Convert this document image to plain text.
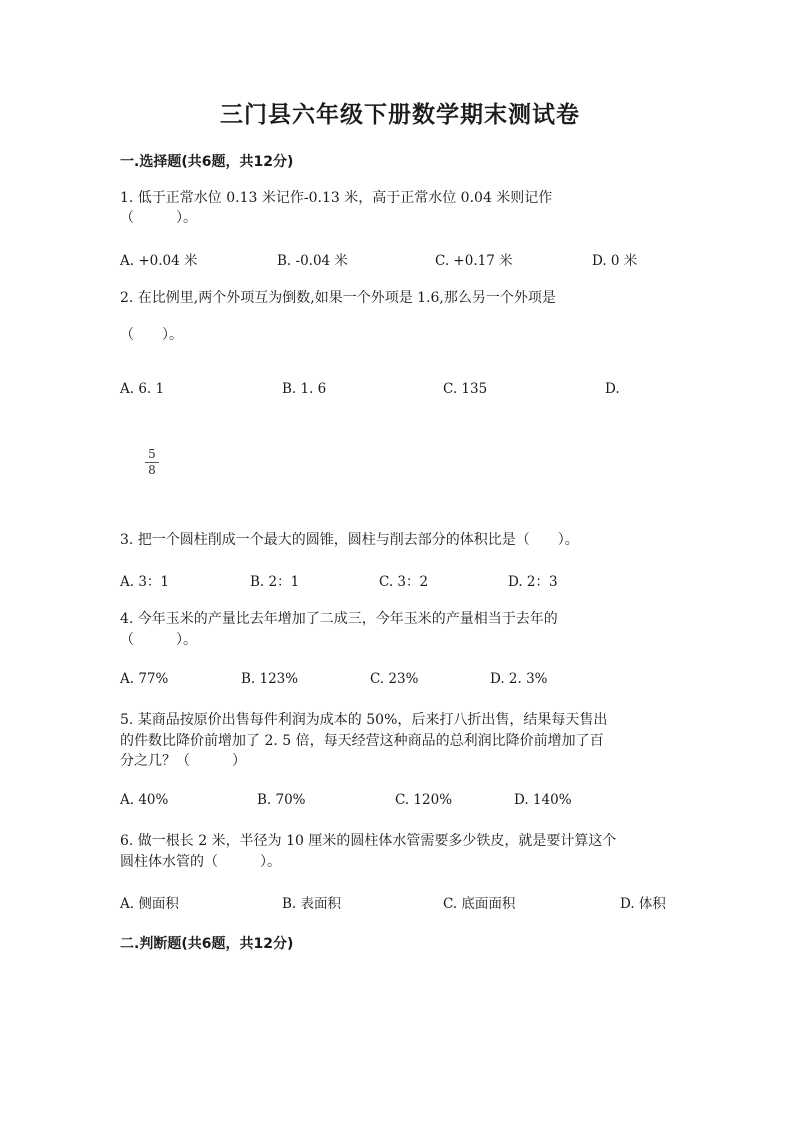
三门县六年级下册数学期末测试卷
一.选择题(共6题，共12分)
1. 低于正常水位 0.13 米记作-0.13 米，高于正常水位 0.04 米则记作
（　　　）。
A. +0.04 米	B. -0.04 米	C. +0.17 米	D. 0 米
2. 在比例里,两个外项互为倒数,如果一个外项是 1.6,那么另一个外项是
（　　）。
A. 6. 1	B. 1. 6	C. 135	D.
$\frac{5}{8}$
3. 把一个圆柱削成一个最大的圆锥，圆柱与削去部分的体积比是（　　）。
A. 3：1	B. 2：1	C. 3：2	D. 2：3
4. 今年玉米的产量比去年增加了二成三，今年玉米的产量相当于去年的
（　　　）。
A. 77%	B. 123%	C. 23%	D. 2. 3%
5. 某商品按原价出售每件利润为成本的 50%，后来打八折出售，结果每天售出
的件数比降价前增加了 2. 5 倍，每天经营这种商品的总利润比降价前增加了百
分之几？（　　　）
A. 40%	B. 70%	C. 120%	D. 140%
6. 做一根长 2 米，半径为 10 厘米的圆柱体水管需要多少铁皮，就是要计算这个
圆柱体水管的（　　　）。
A. 侧面积	B. 表面积	C. 底面面积	D. 体积
二.判断题(共6题，共12分)
